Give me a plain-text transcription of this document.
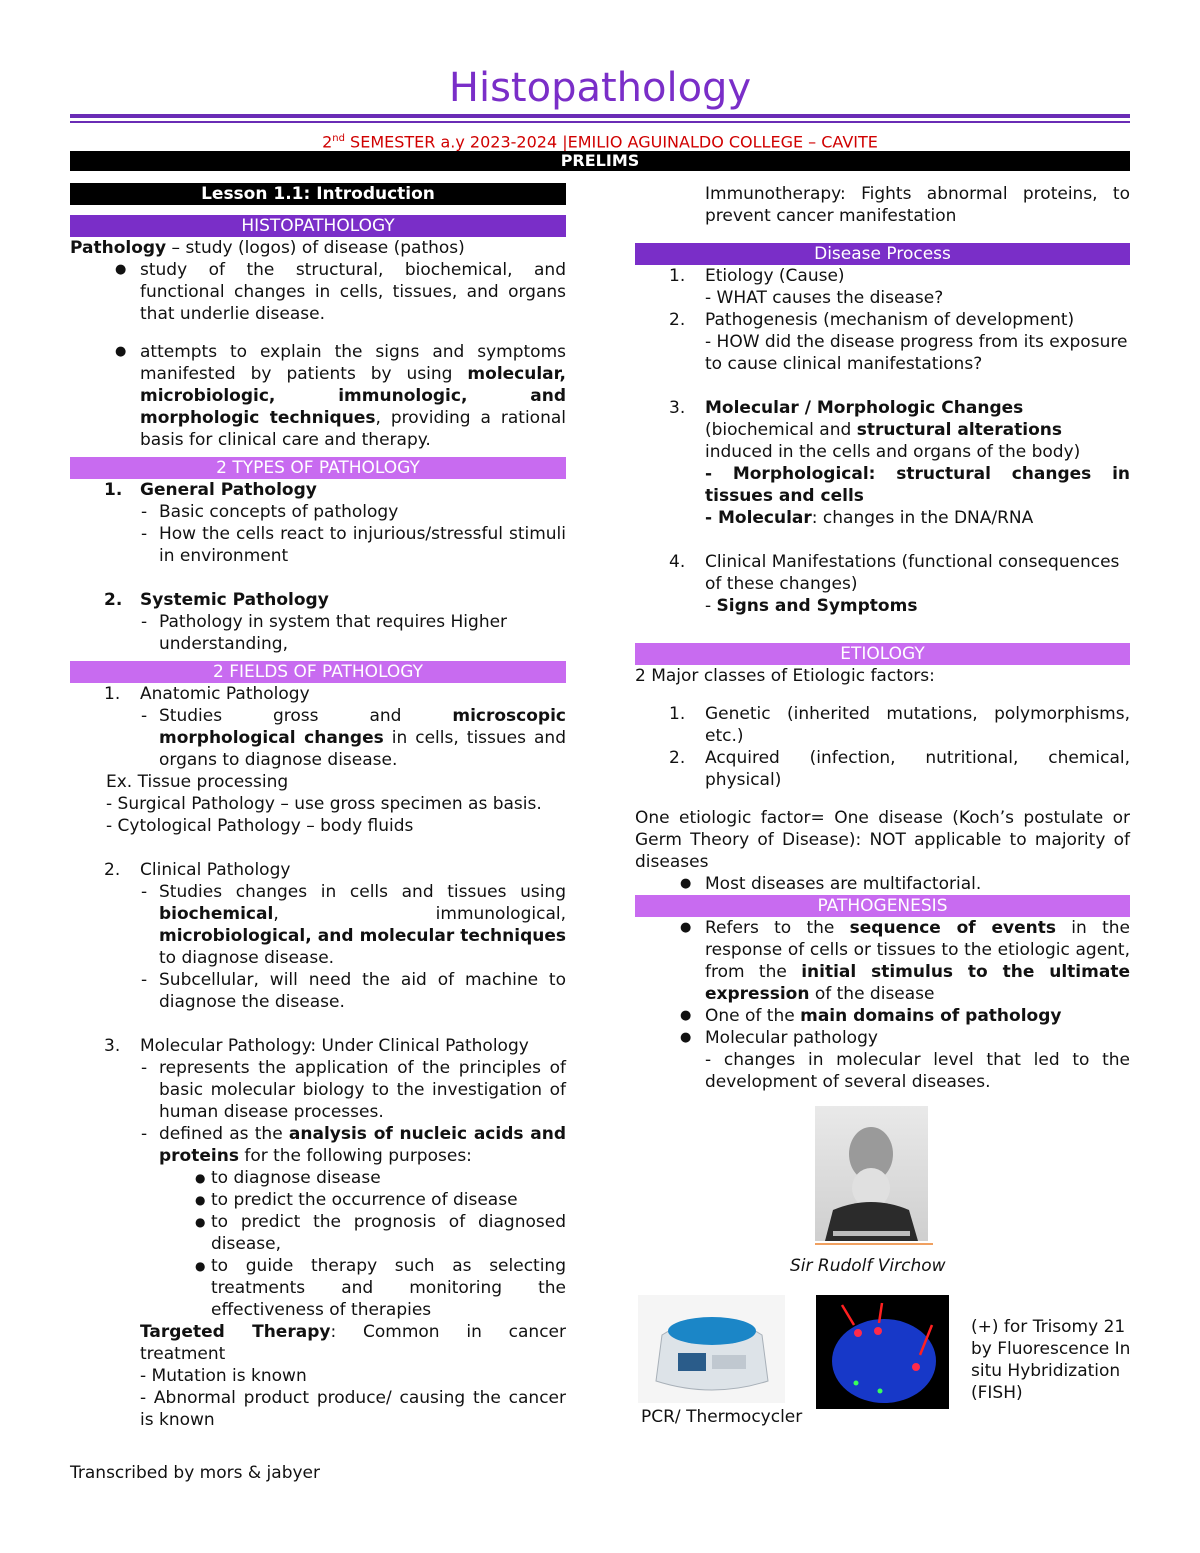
Histopathology
2nd SEMESTER a.y 2023-2024 |EMILIO AGUINALDO COLLEGE – CAVITE
PRELIMS
Lesson 1.1: Introduction
HISTOPATHOLOGY

Pathology – study (logos) of disease (pathos)

● study of the structural, biochemical, and functional changes in cells, tissues, and organs that underlie disease.
● attempts to explain the signs and symptoms manifested by patients by using molecular, microbiologic, immunologic, and morphologic techniques, providing a rational basis for clinical care and therapy.
2 TYPES OF PATHOLOGY
1. General Pathology
- Basic concepts of pathology
- How the cells react to injurious/stressful stimuli in environment
2. Systemic Pathology
- Pathology in system that requires Higher understanding,
2 FIELDS OF PATHOLOGY
1. Anatomic Pathology
- Studies gross and microscopic morphological changes in cells, tissues and organs to diagnose disease.

Ex. Tissue processing

- Surgical Pathology – use gross specimen as basis.

- Cytological Pathology – body fluids

2. Clinical Pathology
- Studies changes in cells and tissues using biochemical, immunological, microbiological, and molecular techniques to diagnose disease.
- Subcellular, will need the aid of machine to diagnose the disease.
3. Molecular Pathology: Under Clinical Pathology
- represents the application of the principles of basic molecular biology to the investigation of human disease processes.
- defined as the analysis of nucleic acids and proteins for the following purposes:
● to diagnose disease
● to predict the occurrence of disease
● to predict the prognosis of diagnosed disease,
● to guide therapy such as selecting treatments and monitoring the effectiveness of therapies
Targeted Therapy: Common in cancer treatment

- Mutation is known

- Abnormal product produce/ causing the cancer is known

Immunotherapy: Fights abnormal proteins, to prevent cancer manifestation

Disease Process
1. Etiology (Cause)

- WHAT causes the disease?

2. Pathogenesis (mechanism of development)

- HOW did the disease progress from its exposure to cause clinical manifestations?

3. Molecular / Morphologic Changes

(biochemical and structural alterations induced in the cells and organs of the body)

- Morphological: structural changes in tissues and cells

- Molecular: changes in the DNA/RNA

4. Clinical Manifestations (functional consequences of these changes)

- Signs and Symptoms

ETIOLOGY

2 Major classes of Etiologic factors:

1. Genetic (inherited mutations, polymorphisms, etc.)
2. Acquired (infection, nutritional, chemical, physical)

One etiologic factor= One disease (Koch’s postulate or Germ Theory of Disease): NOT applicable to majority of diseases

● Most diseases are multifactorial.
PATHOGENESIS
● Refers to the sequence of events in the response of cells or tissues to the etiologic agent, from the initial stimulus to the ultimate expression of the disease
● One of the main domains of pathology
● Molecular pathology

- changes in molecular level that led to the development of several diseases.

Sir Rudolf Virchow
PCR/ Thermocycler
(+) for Trisomy 21 by Fluorescence In situ Hybridization (FISH)
Transcribed by mors & jabyer
